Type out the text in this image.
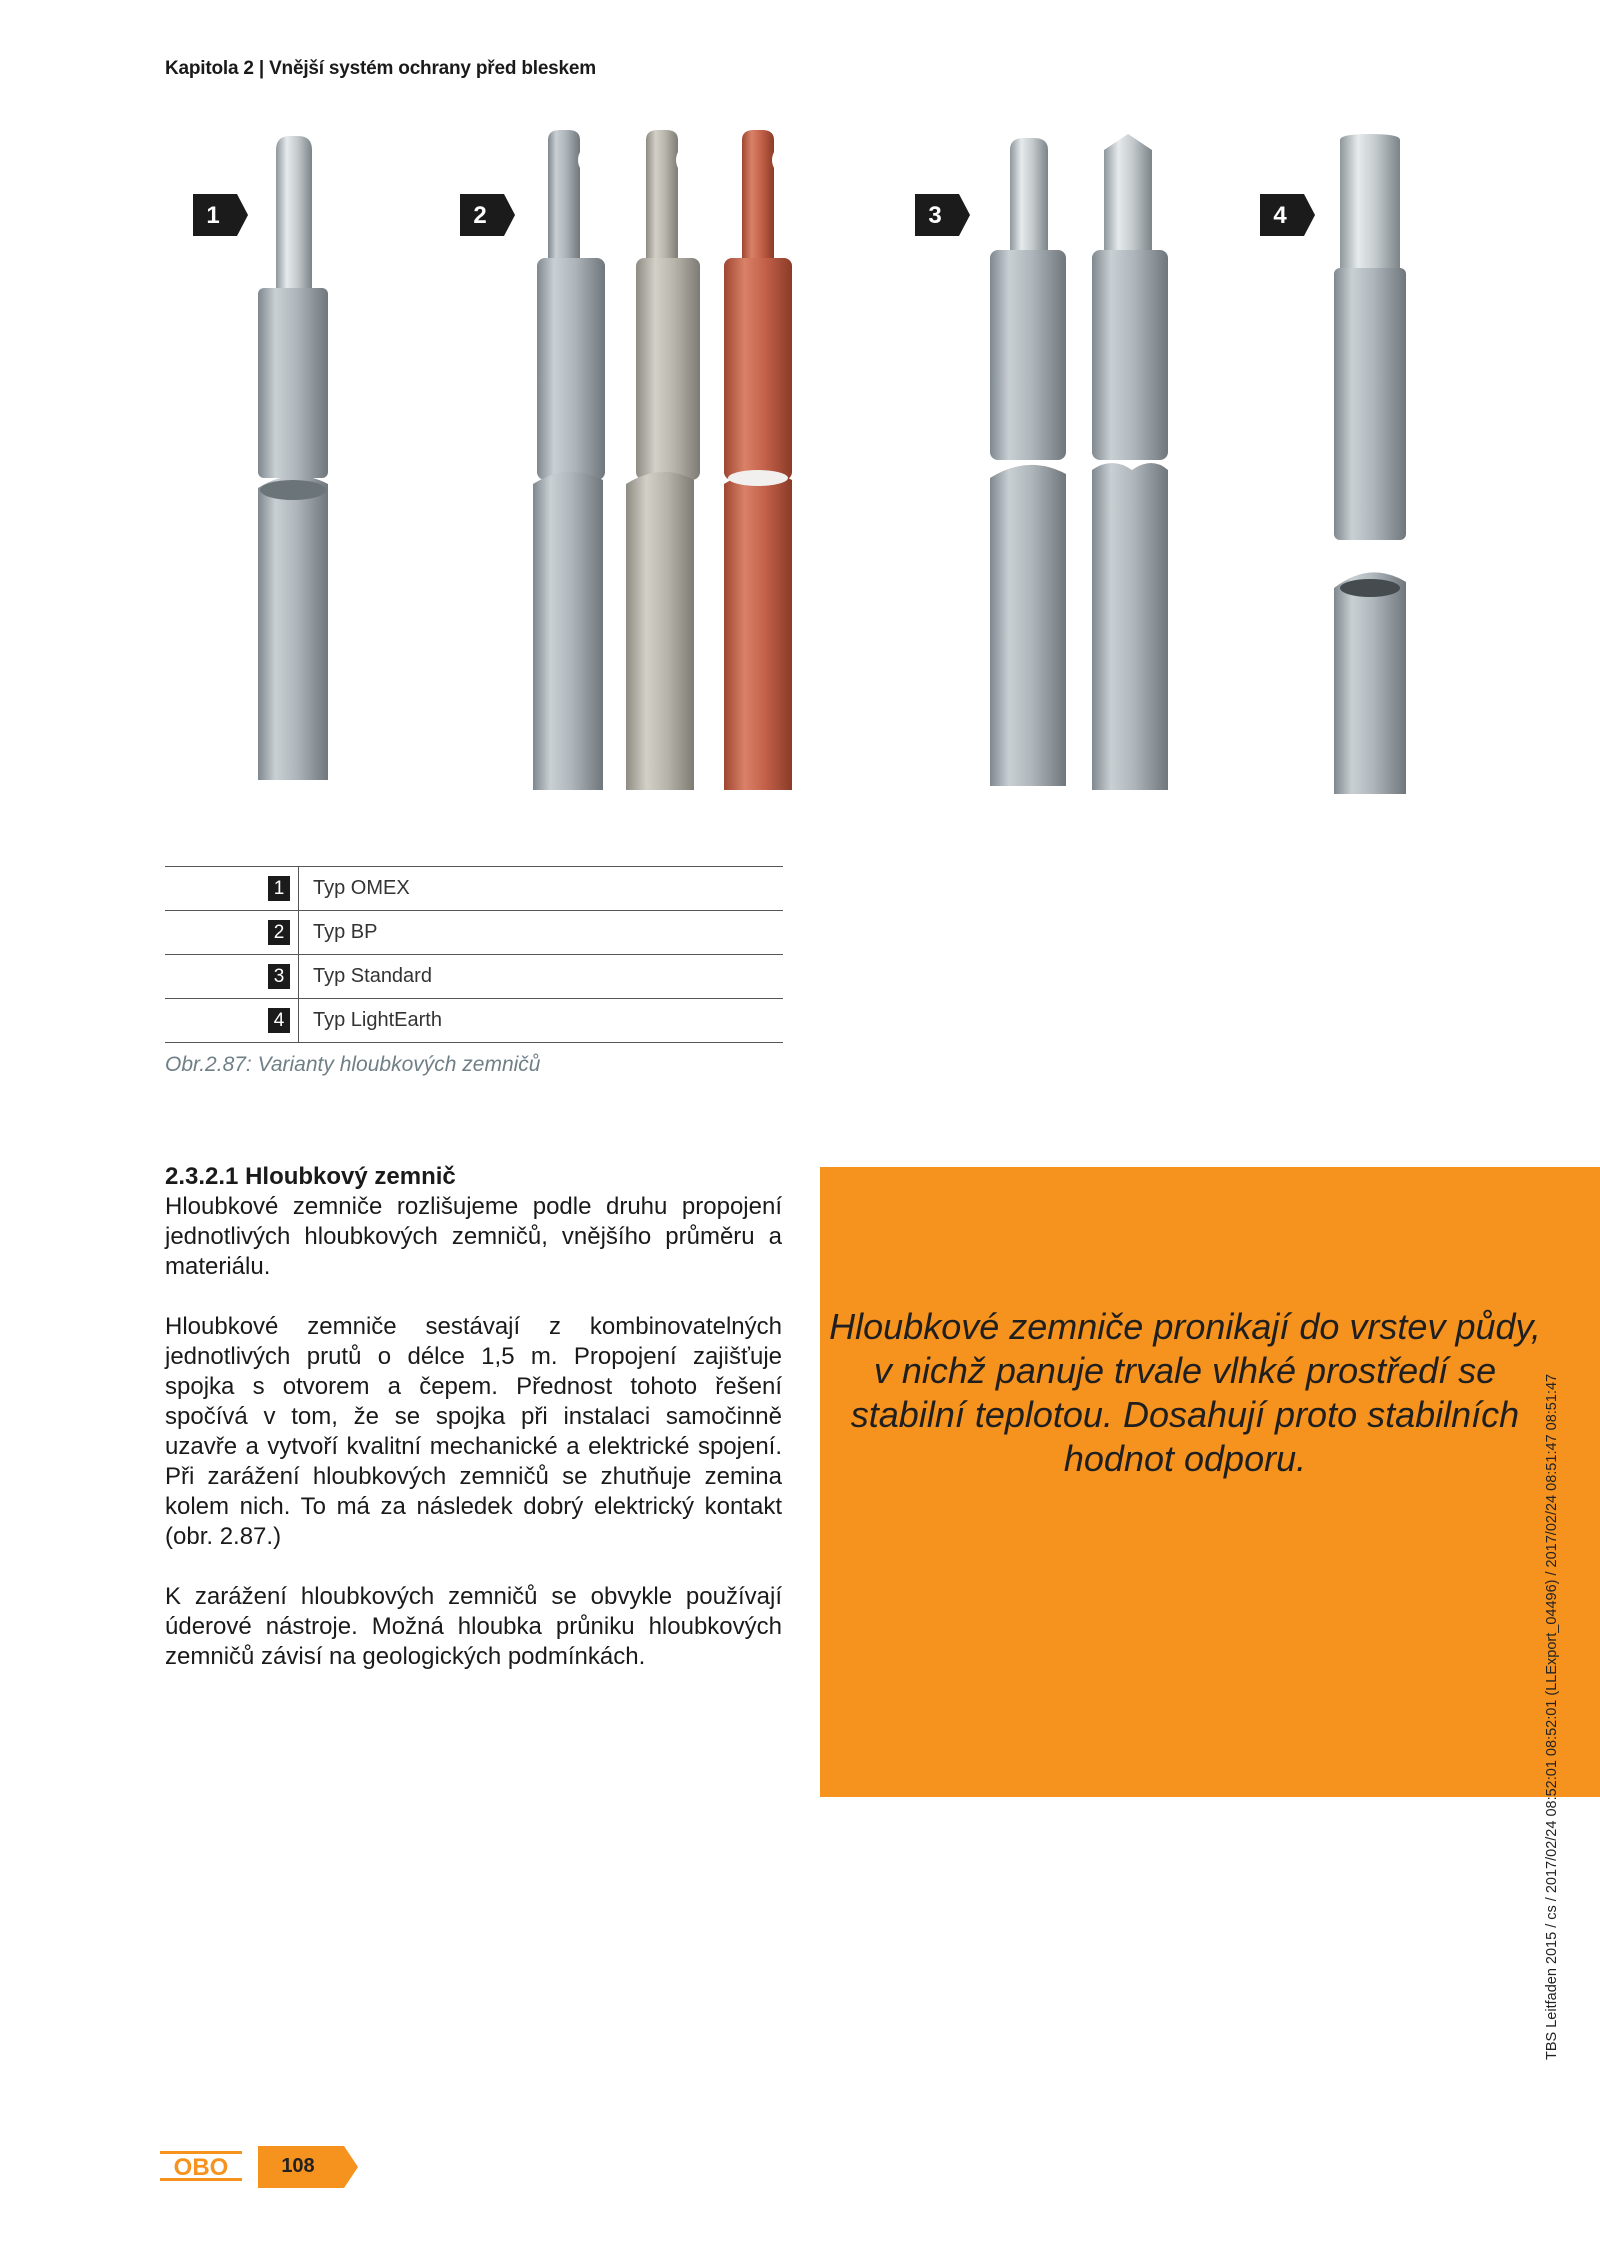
Kapitola 2 | Vnější systém ochrany před bleskem
1	2	3	4
1	Typ OMEX
2	Typ BP
3	Typ Standard
4	Typ LightEarth
Obr.2.87: Varianty hloubkových zemničů
2.3.2.1 Hloubkový zemnič

Hloubkové zemniče rozlišujeme podle druhu propojení jednotlivých hloubkových zemničů, vnějšího průměru a materiálu.

Hloubkové zemniče sestávají z kombinovatelných jednotlivých prutů o délce 1,5 m. Propojení zajišťuje spojka s otvorem a čepem. Přednost tohoto řešení spočívá v tom, že se spojka při instalaci samočinně uzavře a vytvoří kvalitní mechanické a elektrické spojení. Při zarážení hloubkových zemničů se zhutňuje zemina kolem nich. To má za následek dobrý elektrický kontakt (obr. 2.87.)

K zarážení hloubkových zemničů se obvykle používají úderové nástroje. Možná hloubka průniku hloubkových zemničů závisí na geologických podmínkách.

Hloubkové zemniče pronikají do vrstev půdy, v nichž panuje trvale vlhké prostředí se stabilní teplotou. Dosahují proto stabilních hodnot odporu.	TBS Leitfaden 2015 / cs / 2017/02/24 08:52:01 08:52:01 (LLExport_04496) / 2017/02/24 08:51:47 08:51:47
OBO	108
